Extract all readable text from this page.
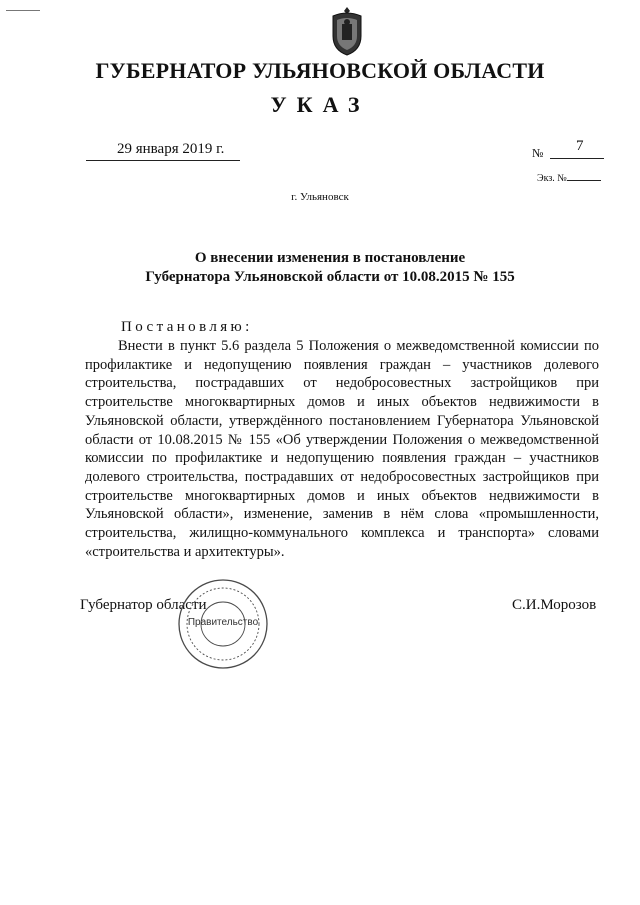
ГУБЕРНАТОР УЛЬЯНОВСКОЙ ОБЛАСТИ
УКАЗ
29 января 2019 г.	№ 7
Экз. №
г. Ульяновск
О внесении изменения в постановление
Губернатора Ульяновской области от 10.08.2015 № 155
Постановляю:

Внести в пункт 5.6 раздела 5 Положения о межведомственной комиссии по профилактике и недопущению появления граждан – участников долевого строительства, пострадавших от недобросовестных застройщиков при строительстве многоквартирных домов и иных объектов недвижимости в Ульяновской области, утверждённого постановлением Губернатора Ульяновской области от 10.08.2015 № 155 «Об утверждении Положения о межведомственной комиссии по профилактике и недопущению появления граждан – участников долевого строительства, пострадавших от недобросовестных застройщиков при строительстве многоквартирных домов и иных объектов недвижимости в Ульяновской области», изменение, заменив в нём слова «промышленности, строительства, жилищно-коммунального комплекса и транспорта» словами «строительства и архитектуры».

Губернатор области	С.И.Морозов
Правительство
